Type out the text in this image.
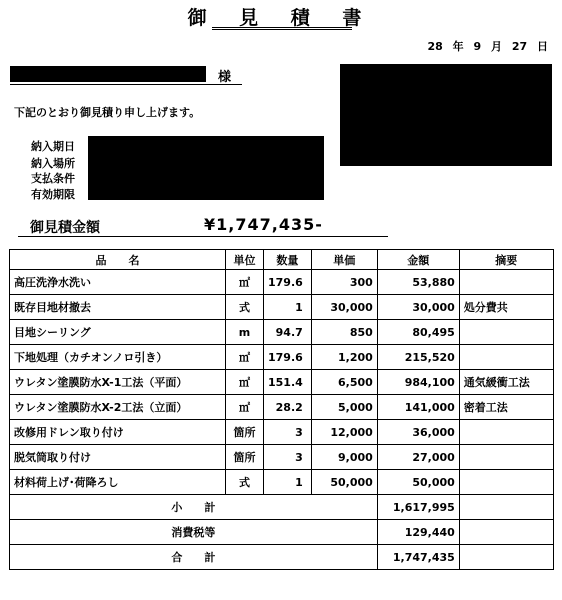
御 見 積 書
28 年 9 月 27 日
様
下記のとおり御見積り申し上げます。
納入期日
納入場所
支払条件
有効期限
御見積金額	¥1,747,435-
品　　名	単位	数量	単価	金額	摘要
高圧洗浄水洗い	㎡	179.6	300	53,880	
既存目地材撤去	式	1	30,000	30,000	処分費共
目地シーリング	m	94.7	850	80,495	
下地処理（カチオンノロ引き）	㎡	179.6	1,200	215,520	
ウレタン塗膜防水X-1工法（平面）	㎡	151.4	6,500	984,100	通気緩衝工法
ウレタン塗膜防水X-2工法（立面）	㎡	28.2	5,000	141,000	密着工法
改修用ドレン取り付け	箇所	3	12,000	36,000	
脱気筒取り付け	箇所	3	9,000	27,000	
材料荷上げ･荷降ろし	式	1	50,000	50,000	
小　　計				1,617,995	
消費税等				129,440	
合　　計				1,747,435	
